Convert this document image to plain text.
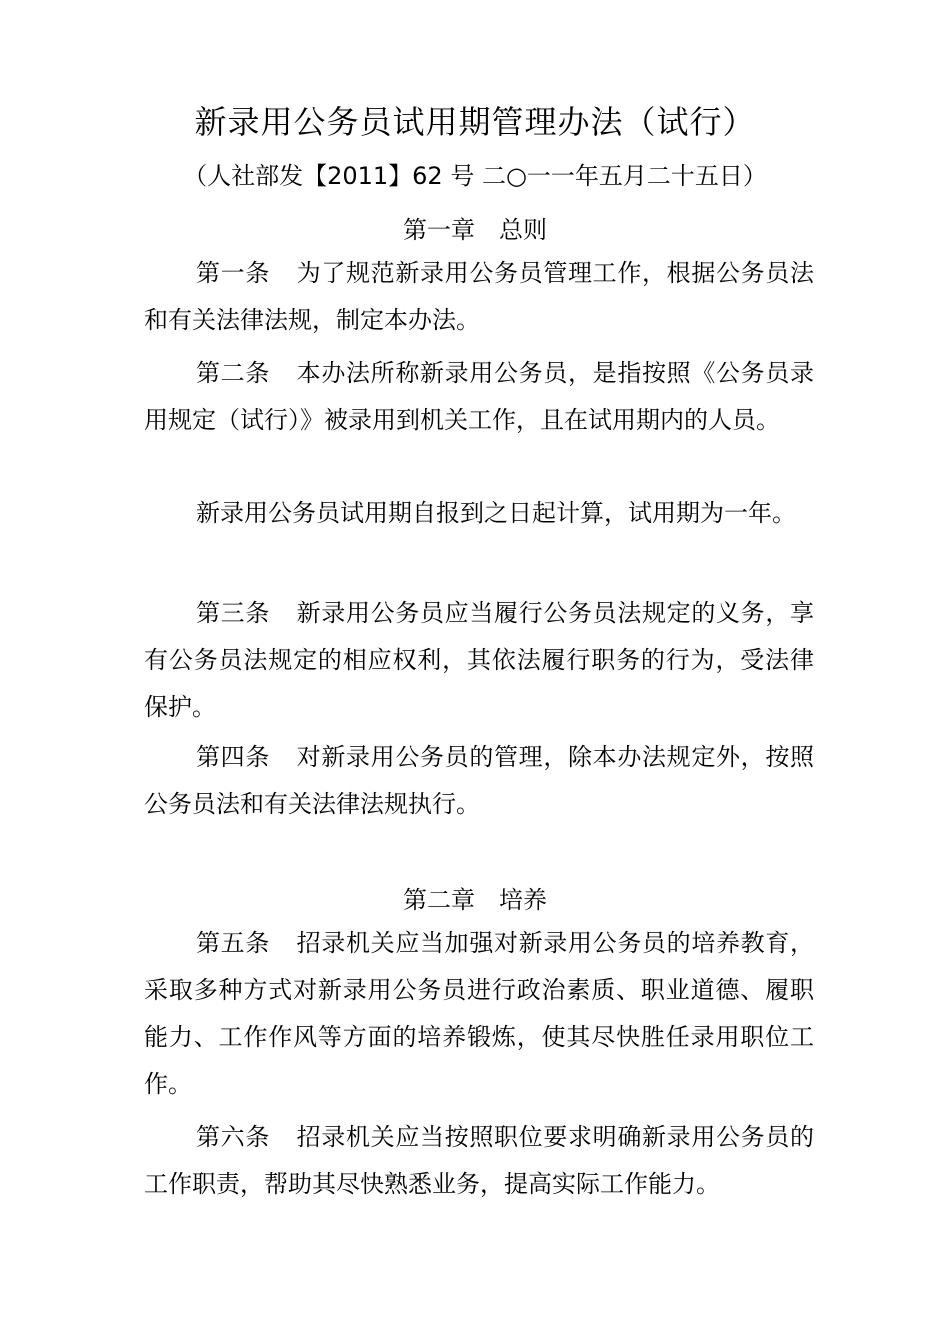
新录用公务员试用期管理办法（试行）
（人社部发【2011】62 号 二○一一年五月二十五日）
第一章　总则

第一条 为了规范新录用公务员管理工作，根据公务员法和有关法律法规，制定本办法。

第二条 本办法所称新录用公务员，是指按照《公务员录用规定（试行）》被录用到机关工作，且在试用期内的人员。

新录用公务员试用期自报到之日起计算，试用期为一年。

第三条 新录用公务员应当履行公务员法规定的义务，享有公务员法规定的相应权利，其依法履行职务的行为，受法律保护。

第四条 对新录用公务员的管理，除本办法规定外，按照公务员法和有关法律法规执行。

第二章　培养

第五条 招录机关应当加强对新录用公务员的培养教育，采取多种方式对新录用公务员进行政治素质、职业道德、履职能力、工作作风等方面的培养锻炼，使其尽快胜任录用职位工作。

第六条 招录机关应当按照职位要求明确新录用公务员的工作职责，帮助其尽快熟悉业务，提高实际工作能力。
